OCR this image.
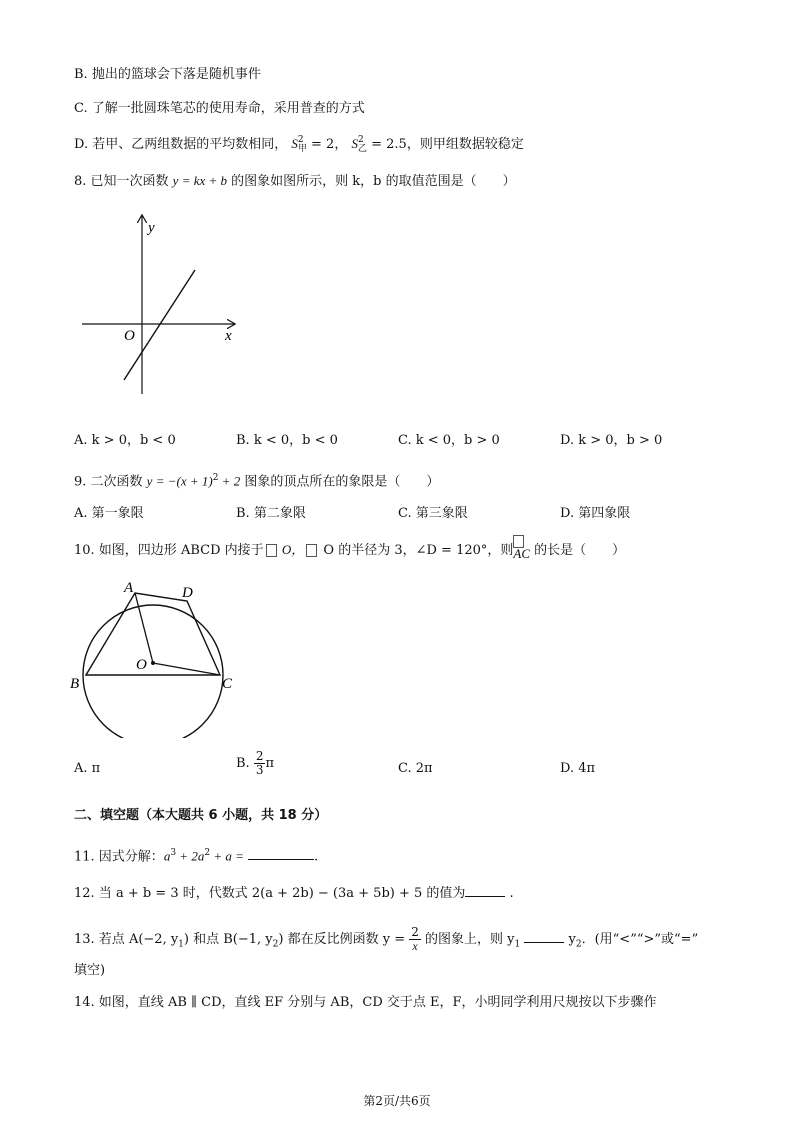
B. 抛出的篮球会下落是随机事件
C. 了解一批圆珠笔芯的使用寿命，采用普查的方式
D. 若甲、乙两组数据的平均数相同， S 2
甲 = 2， S 2
乙 = 2.5，则甲组数据较稳定
8. 已知一次函数 y = kx + b 的图象如图所示，则 k，b 的取值范围是（　　）
y
x
O
A. k > 0，b < 0	B. k < 0，b < 0	C. k < 0，b > 0	D. k > 0，b > 0
9. 二次函数 $y = -(x + 1)^2 + 2$ 图象的顶点所在的象限是（　　）
A. 第一象限	B. 第二象限	C. 第三象限	D. 第四象限
10. 如图，四边形 ABCD 内接于 O， O 的半径为 3，∠D = 120°，则
AC 的长是（　　）
A	D
B	C
O
A. π	B. $\frac{2}{3}$ π	C. 2π	D. 4π
二、填空题（本大题共 6 小题，共 18 分）
11. 因式分解：$a^3 + 2a^2 + a$ =	.
12. 当 a + b = 3 时，代数式 2(a + 2b) − (3a + 5b) + 5 的值为	.
13. 若点 A(−2, $y_1$) 和点 B(−1, $y_2$) 都在反比例函数 $y = \frac{2}{x}$ 的图象上，则 $y_1$	$y_2$．(用“<”“>”或“=”
填空)
14. 如图，直线 AB ∥ CD，直线 EF 分别与 AB，CD 交于点 E，F，小明同学利用尺规按以下步骤作
第2页/共6页
